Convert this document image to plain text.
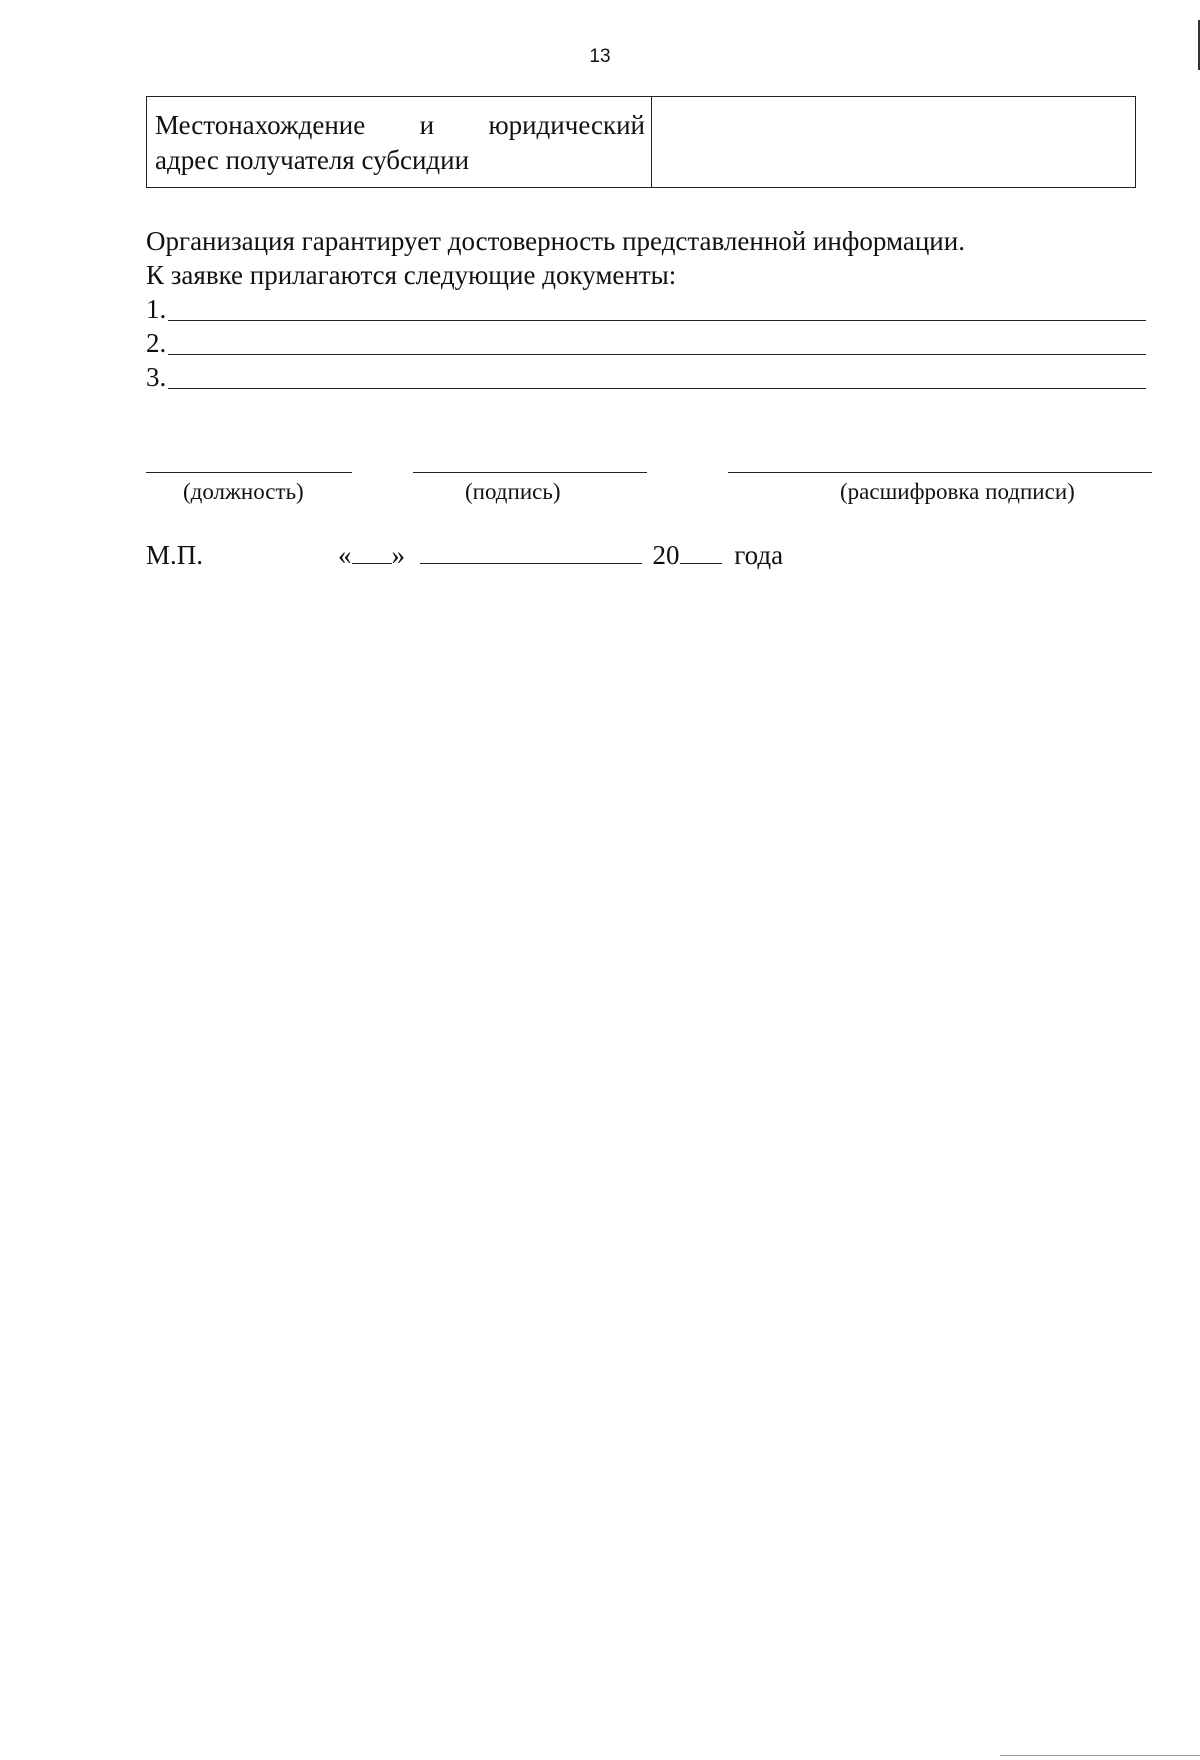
13
Местонахождение и юридический
адрес получателя субсидии
Организация гарантирует достоверность представленной информации.
К заявке прилагаются следующие документы:
1.
2.
3.
(должность)	(подпись)	(расшифровка подписи)
М.П.	« »	20 года
